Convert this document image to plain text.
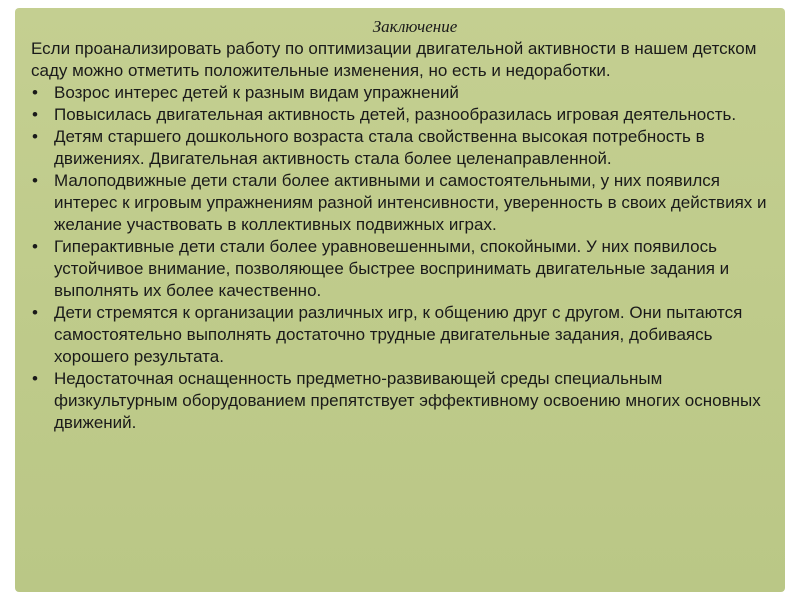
Заключение

Если проанализировать работу по оптимизации двигательной активности в нашем детском саду можно отметить положительные изменения, но есть и недоработки.

• Возрос интерес детей к разным видам упражнений
• Повысилась двигательная активность детей, разнообразилась игровая деятельность.
• Детям старшего дошкольного возраста стала свойственна высокая потребность в движениях. Двигательная активность стала более целенаправленной.
• Малоподвижные дети стали более активными и самостоятельными, у них появился интерес к игровым упражнениям разной интенсивности, уверенность в своих действиях и желание участвовать в коллективных подвижных играх.
• Гиперактивные дети стали более уравновешенными, спокойными. У них появилось устойчивое внимание, позволяющее быстрее воспринимать двигательные задания и выполнять их более качественно.
• Дети стремятся к организации различных игр, к общению друг с другом. Они пытаются самостоятельно выполнять достаточно трудные двигательные задания, добиваясь хорошего результата.
• Недостаточная оснащенность предметно-развивающей среды специальным физкультурным оборудованием препятствует эффективному освоению многих основных движений.
